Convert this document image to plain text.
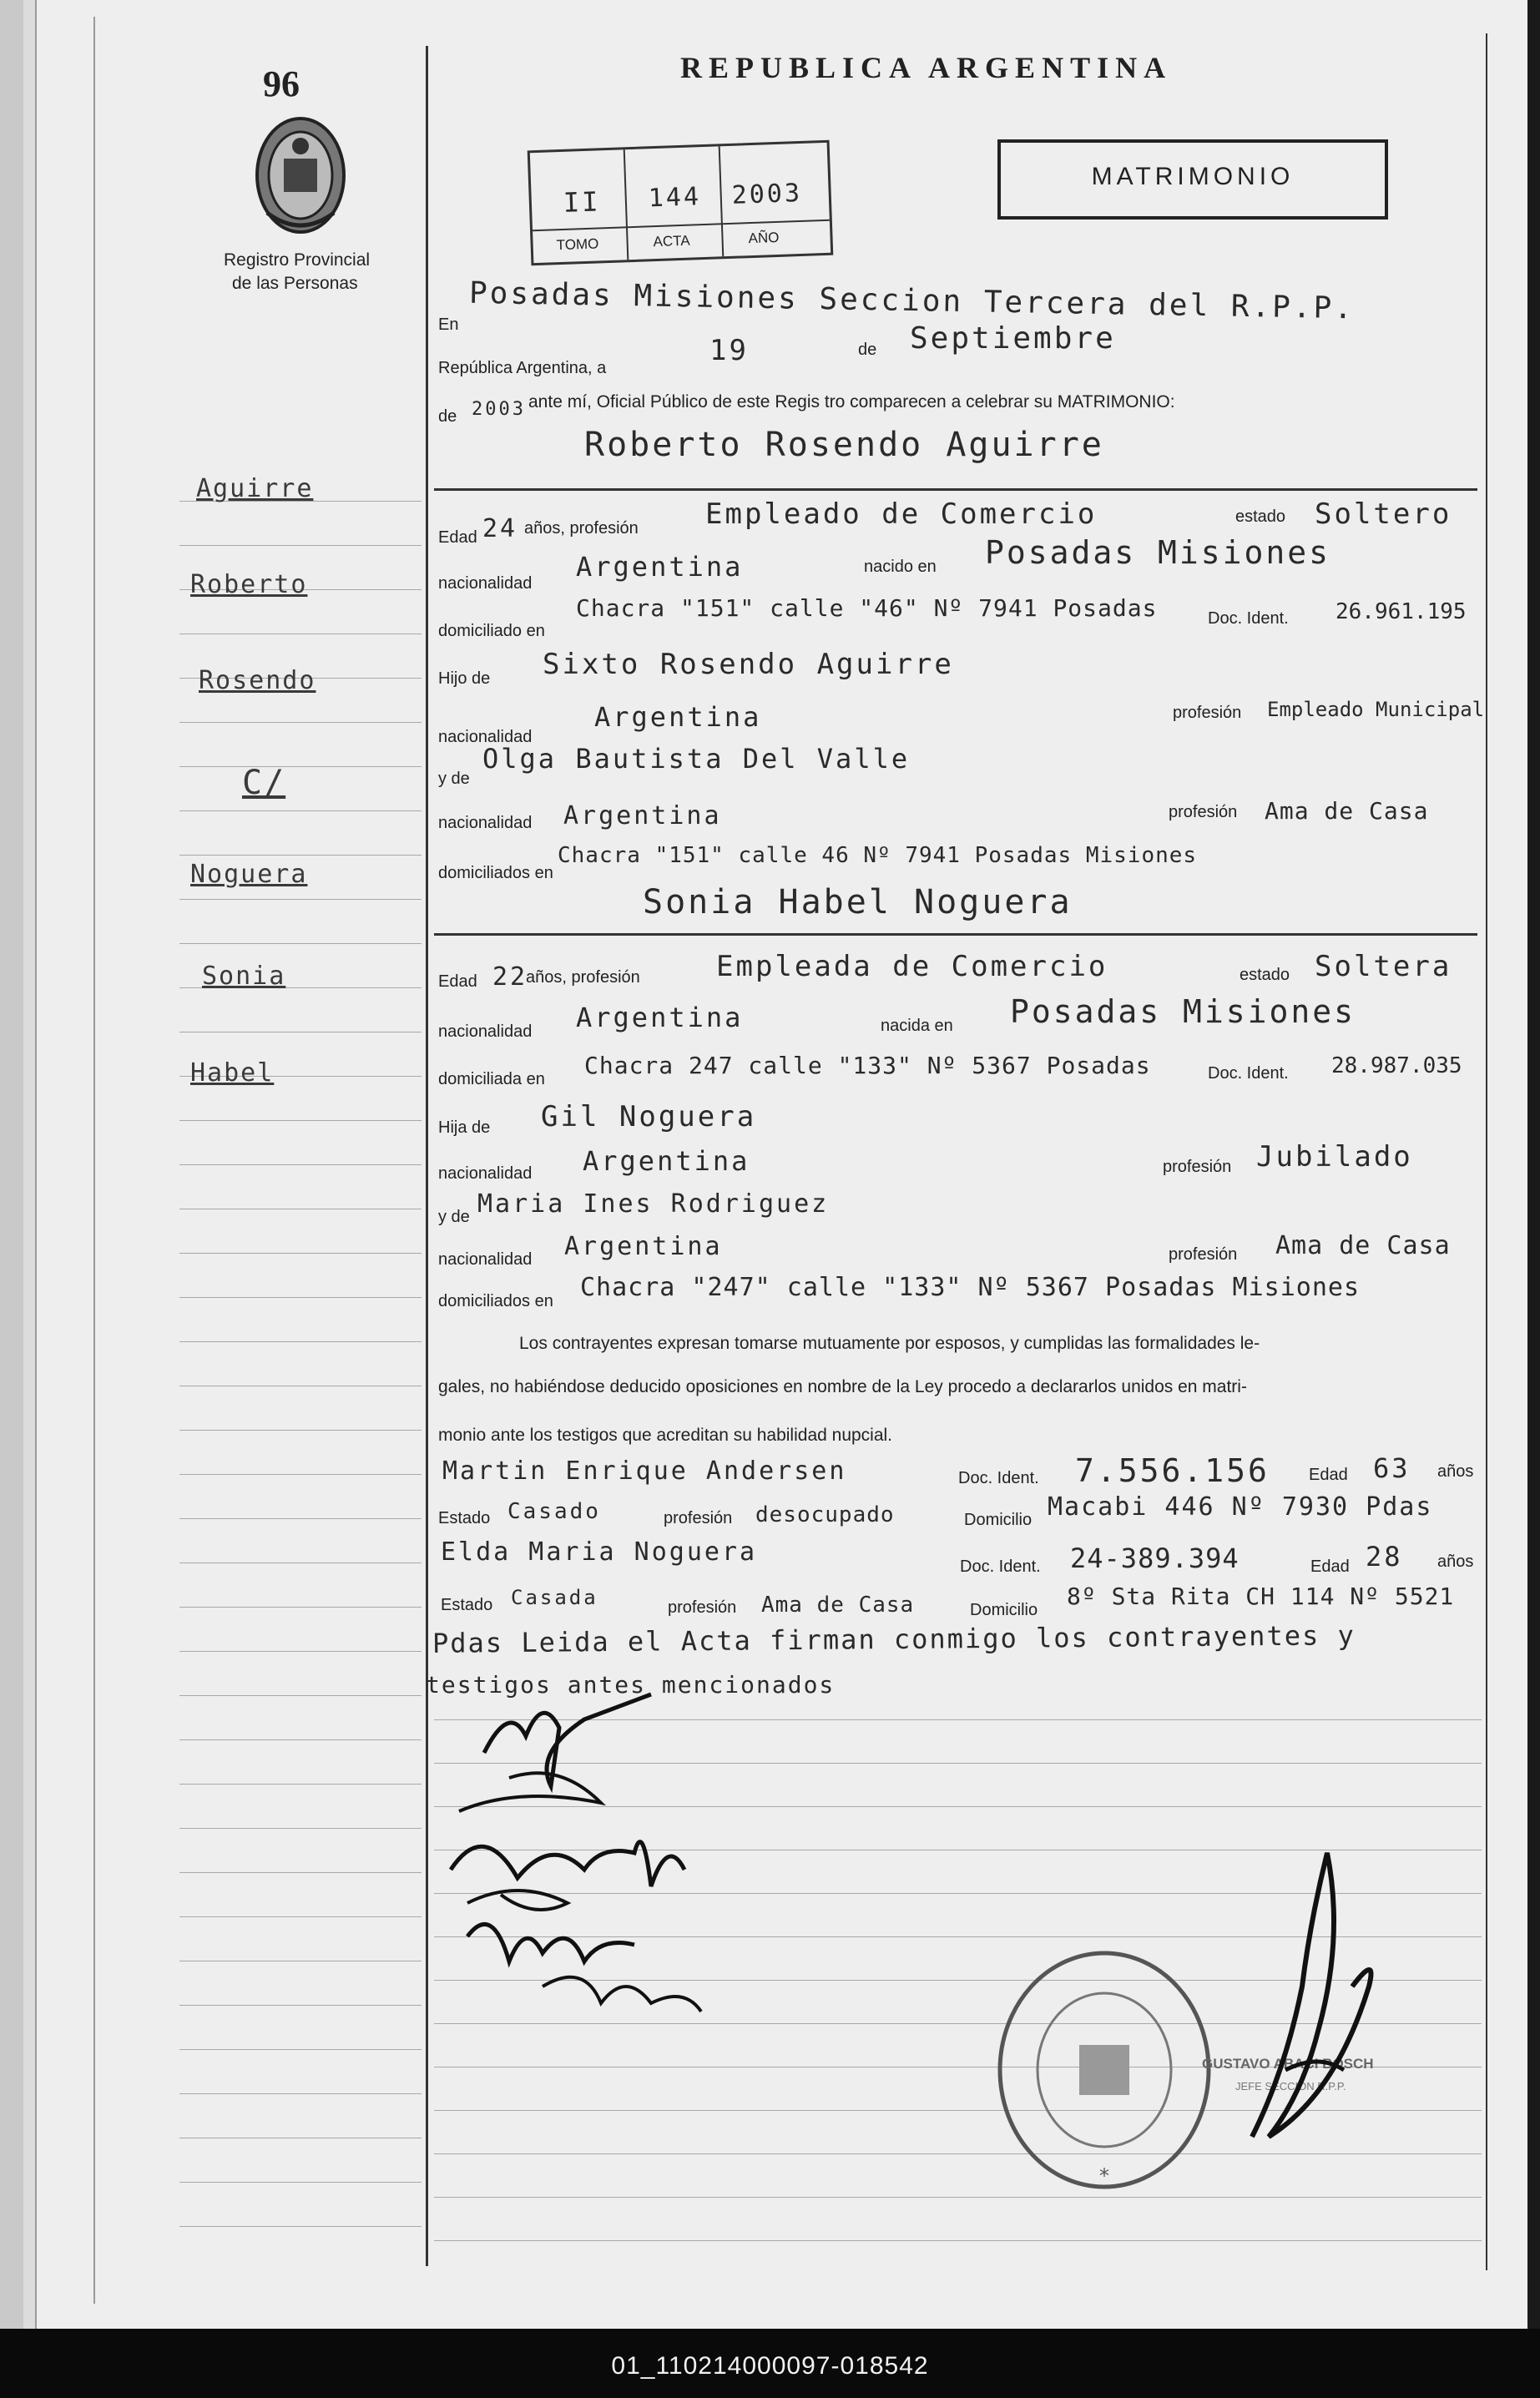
96
Registro Provincial
de las Personas
REPUBLICA ARGENTINA
MATRIMONIO
II 144 2003
TOMO	ACTA	AÑO
Aguirre
Roberto
Rosendo
C/
Noguera
Sonia
Habel
En Posadas Misiones Seccion Tercera del R.P.P.
República Argentina, a
19	de Septiembre
de 2003 ante mí, Oficial Público de este Regis tro comparecen a celebrar su MATRIMONIO:
Roberto Rosendo Aguirre
Edad 24 años, profesión Empleado de Comercio	estado Soltero
nacionalidad
Argentina	nacido en Posadas Misiones
domiciliado en
Chacra "151" calle "46" Nº 7941 Posadas	Doc. Ident. 26.961.195
Hijo de Sixto Rosendo Aguirre
nacionalidad
Argentina	profesión Empleado Municipal
y de
Olga Bautista Del Valle
nacionalidad Argentina	profesión Ama de Casa
domiciliados en
Chacra "151" calle 46 Nº 7941 Posadas Misiones
Sonia Habel Noguera
Edad 22
años, profesión	Empleada de Comercio	estado Soltera
nacionalidad Argentina	nacida en Posadas Misiones
domiciliada en Chacra 247 calle "133" Nº 5367 Posadas	Doc. Ident. 28.987.035
Hija de Gil Noguera
nacionalidad Argentina	profesión Jubilado
y de Maria Ines Rodriguez
nacionalidad Argentina	profesión Ama de Casa
domiciliados en Chacra "247" calle "133" Nº 5367 Posadas Misiones
Los contrayentes expresan tomarse mutuamente por esposos, y cumplidas las formalidades le-
gales, no habiéndose deducido oposiciones en nombre de la Ley procedo a declararlos unidos en matri-
monio ante los testigos que acreditan su habilidad nupcial.
Martin Enrique Andersen	Doc. Ident. 7.556.156 Edad 63 años
Estado Casado	profesión desocupado	Domicilio Macabi 446 Nº 7930 Pdas
Elda Maria Noguera	Doc. Ident. 24-389.394	Edad 28 años
Estado Casada	profesión Ama de Casa	Domicilio 8º Sta Rita CH 114 Nº 5521
Pdas Leida el Acta firman conmigo los contrayentes y
testigos antes mencionados
*
GUSTAVO ABACI BOSCH
JEFE SECCION R.P.P.
01_110214000097-018542
